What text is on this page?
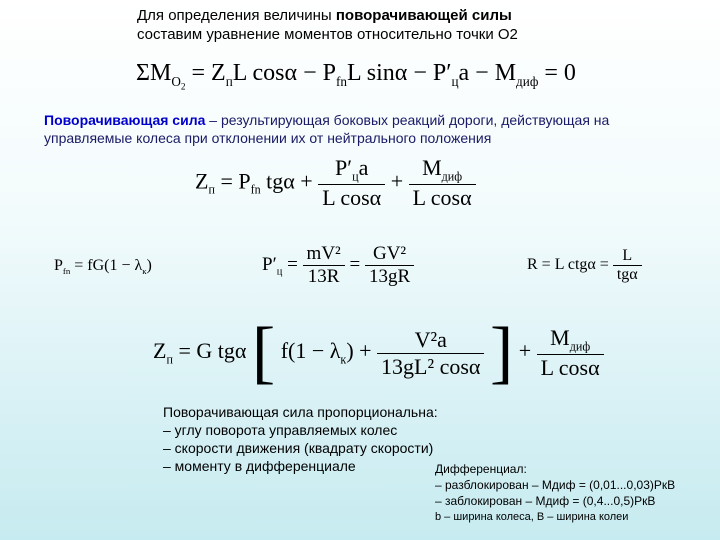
Для определения величины поворачивающей силы
составим уравнение моментов относительно точки О2
$\Sigma M_{O_2} = Z_пL$ $\cos\alpha - P_{fn}L$ $\sin\alpha - P'_цa - M_{диф} = 0$
Поворачивающая сила – результирующая боковых реакций дороги, действующая на управляемые колеса при отклонении их от нейтрального положения
$Z_п = P_{fn}$ $tg\alpha + \frac{P'_цa}{\text{L cosα}} + \frac{M_{диф}}{\text{L cosα}}$
$P_{fn} = fG(1 - \lambda_к)$	$P'_ц = \frac{\text{mV²}}{13R} = \frac{\text{GV²}}{13gR}$	R = L $ctg\alpha = \frac{L}{\text{tgα}}$
$Z_п = G$ tgα [ $f(1 - \lambda_к) + \frac{\text{V²a}}{\text{13gL² cosα}}$ ] + $\frac{M_{диф}}{\text{L cosα}}$
Поворачивающая сила пропорциональна:
– углу поворота управляемых колес
– скорости движения (квадрату скорости)
– моменту в дифференциале	Дифференциал:
– разблокирован – Mдиф = (0,01...0,03)PкB
– заблокирован – Mдиф = (0,4...0,5)PкB
b – ширина колеса, B – ширина колеи
